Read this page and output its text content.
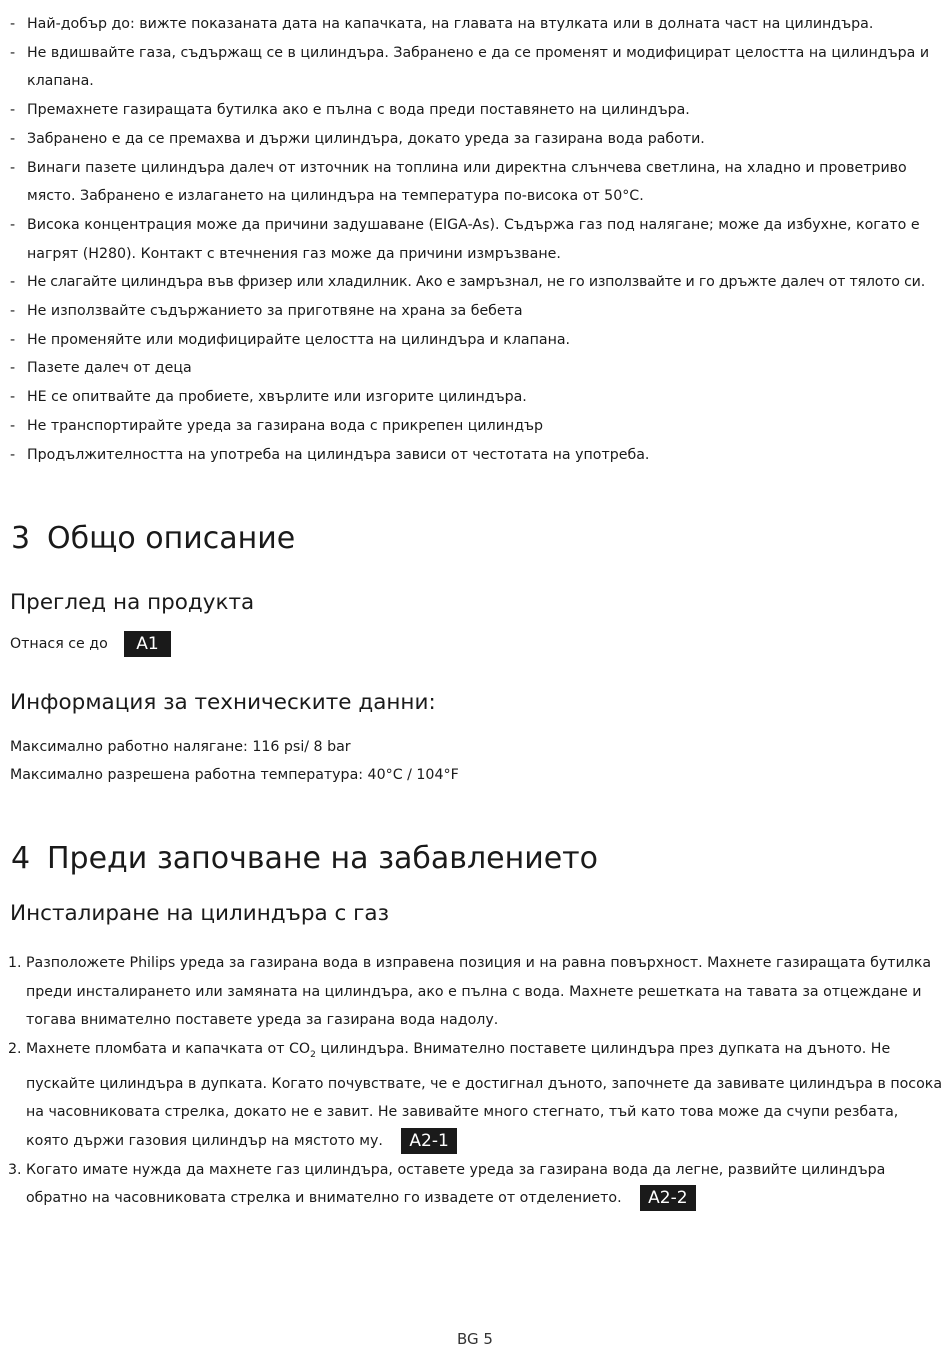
- Най-добър до: вижте показаната дата на капачката, на главата на втулката или в долната част на цилиндъра.
- Не вдишвайте газа, съдържащ се в цилиндъра. Забранено е да се променят и модифицират целостта на цилиндъра и клапана.
- Премахнете газиращата бутилка ако е пълна с вода преди поставянето на цилиндъра.
- Забранено е да се премахва и държи цилиндъра, докато уреда за газирана вода работи.
- Винаги пазете цилиндъра далеч от източник на топлина или директна слънчева светлина, на хладно и проветриво място. Забранено е излагането на цилиндъра на температура по-висока от 50°C.
- Висока концентрация може да причини задушаване (EIGA-As). Съдържа газ под налягане; може да избухне, когато е нагрят (H280). Контакт с втечнения газ може да причини измръзване.
- Не слагайте цилиндъра във фризер или хладилник. Ако е замръзнал, не го използвайте и го дръжте далеч от тялото си.
- Не използвайте съдържанието за приготвяне на храна за бебета
- Не променяйте или модифицирайте целостта на цилиндъра и клапана.
- Пазете далеч от деца
- НЕ се опитвайте да пробиете, хвърлите или изгорите цилиндъра.
- Не транспортирайте уреда за газирана вода с прикрепен цилиндър
- Продължителността на употреба на цилиндъра зависи от честотата на употреба.
3 Общо описание
Преглед на продукта
Отнася се до A1
Информация за техническите данни:
Максимално работно налягане: 116 psi/ 8 bar
Максимално разрешена работна температура: 40°C / 104°F
4 Преди започване на забавлението
Инсталиране на цилиндъра с газ
1. Разположете Philips уреда за газирана вода в изправена позиция и на равна повърхност. Махнете газиращата бутилка преди инсталирането или замяната на цилиндъра, ако е пълна с вода. Махнете решетката на тавата за отцеждане и тогава внимателно поставете уреда за газирана вода надолу.
2. Махнете пломбата и капачката от $CO_2$ цилиндъра. Внимателно поставете цилиндъра през дупката на дъното. Не пускайте цилиндъра в дупката. Когато почувствате, че е достигнал дъното, започнете да завивате цилиндъра в посока на часовниковата стрелка, докато не е завит. Не завивайте много стегнато, тъй като това може да счупи резбата, която държи газовия цилиндър на мястото му. A2-1
3. Когато имате нужда да махнете газ цилиндъра, оставете уреда за газирана вода да легне, развийте цилиндъра обратно на часовниковата стрелка и внимателно го извадете от отделението. A2-2
BG 5
